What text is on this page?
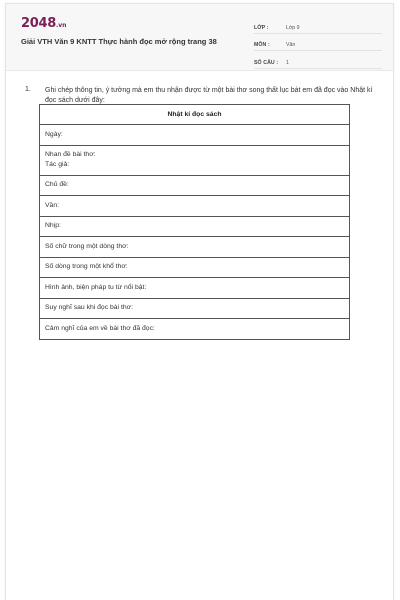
2048.vn
Giải VTH Văn 9 KNTT Thực hành đọc mở rộng trang 38
LỚP :	Lớp 9
MÔN :	Văn
SỐ CÂU : 1
1. Ghi chép thông tin, ý tưởng mà em thu nhận được từ một bài thơ song thất lục bát em đã đọc vào Nhật kí đọc sách dưới đây:
Nhật kí đọc sách
Ngày:

Nhan đề bài thơ:
Tác giả:

Chủ đề:
Vần:
Nhịp:
Số chữ trong một dòng thơ:
Số dòng trong một khổ thơ:
Hình ảnh, biện pháp tu từ nổi bật:
Suy nghĩ sau khi đọc bài thơ:
Cảm nghĩ của em về bài thơ đã đọc:
